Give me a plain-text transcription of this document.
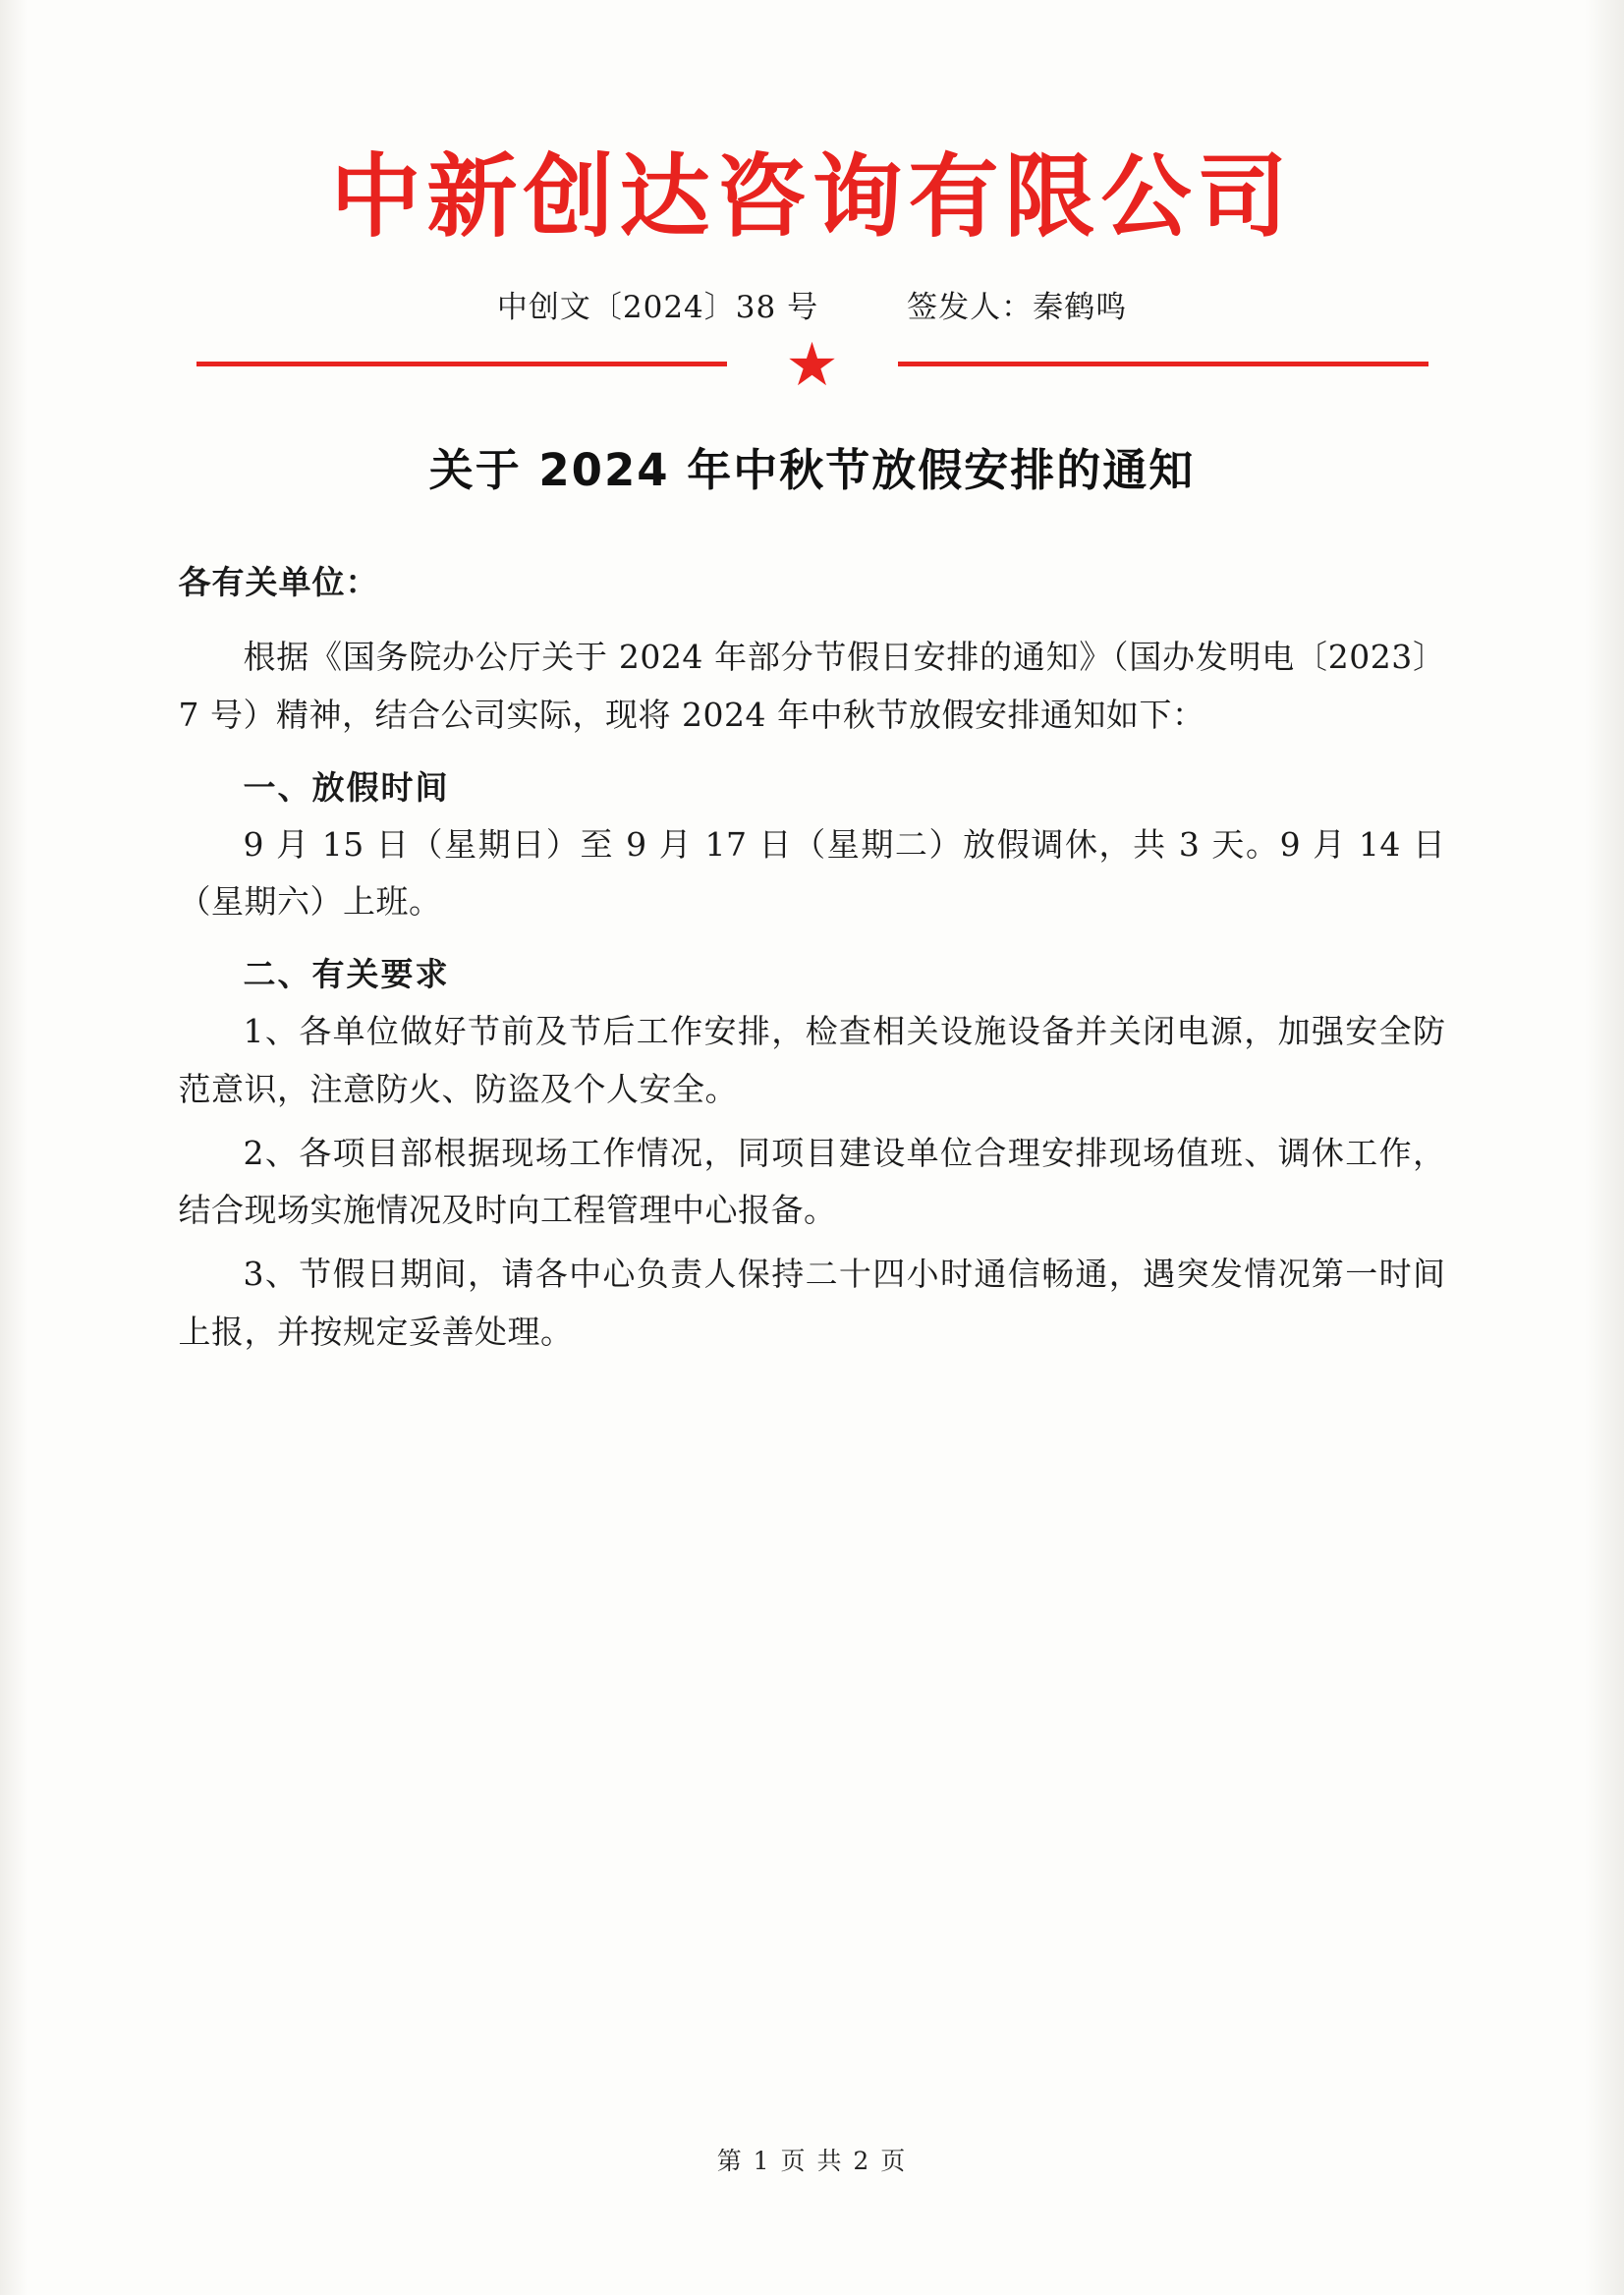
中新创达咨询有限公司
中创文〔2024〕38 号	签发人：秦鹤鸣
★
关于 2024 年中秋节放假安排的通知
各有关单位：

根据《国务院办公厅关于 2024 年部分节假日安排的通知》（国办发明电〔2023〕7 号）精神，结合公司实际，现将 2024 年中秋节放假安排通知如下：

一、放假时间

9 月 15 日（星期日）至 9 月 17 日（星期二）放假调休，共 3 天。9 月 14 日（星期六）上班。

二、有关要求

1、各单位做好节前及节后工作安排，检查相关设施设备并关闭电源，加强安全防范意识，注意防火、防盗及个人安全。

2、各项目部根据现场工作情况，同项目建设单位合理安排现场值班、调休工作，结合现场实施情况及时向工程管理中心报备。

3、节假日期间，请各中心负责人保持二十四小时通信畅通，遇突发情况第一时间上报，并按规定妥善处理。

第 1 页 共 2 页
